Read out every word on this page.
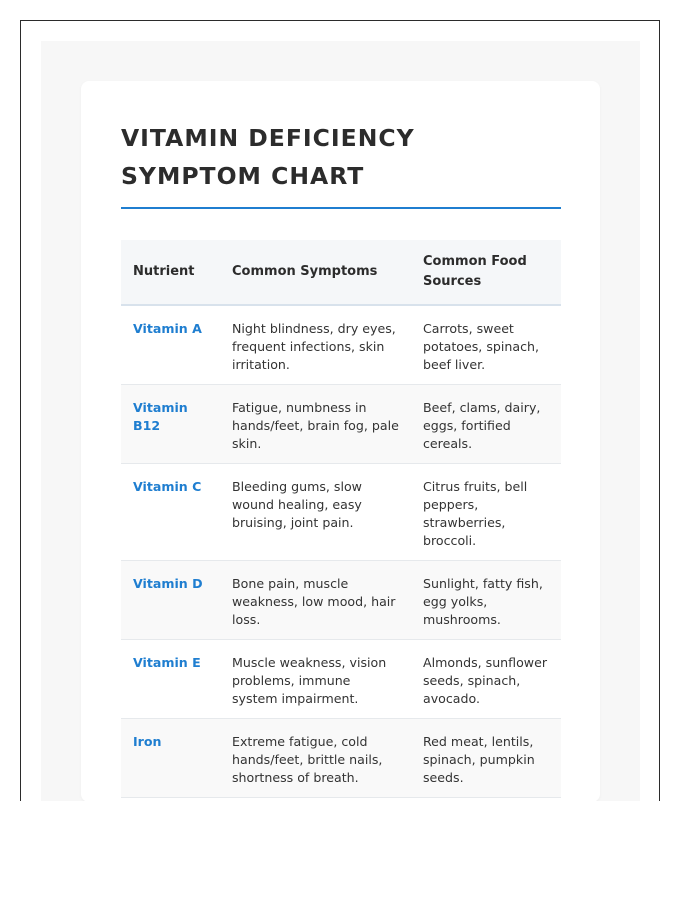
VITAMIN DEFICIENCY SYMPTOM CHART
Nutrient	Common Symptoms	Common Food Sources
Vitamin A	Night blindness, dry eyes, frequent infections, skin irritation.	Carrots, sweet potatoes, spinach, beef liver.
Vitamin B12	Fatigue, numbness in hands/feet, brain fog, pale skin.	Beef, clams, dairy, eggs, fortified cereals.
Vitamin C	Bleeding gums, slow wound healing, easy bruising, joint pain.	Citrus fruits, bell peppers, strawberries, broccoli.
Vitamin D	Bone pain, muscle weakness, low mood, hair loss.	Sunlight, fatty fish, egg yolks, mushrooms.
Vitamin E	Muscle weakness, vision problems, immune system impairment.	Almonds, sunflower seeds, spinach, avocado.
Iron	Extreme fatigue, cold hands/feet, brittle nails, shortness of breath.	Red meat, lentils, spinach, pumpkin seeds.
